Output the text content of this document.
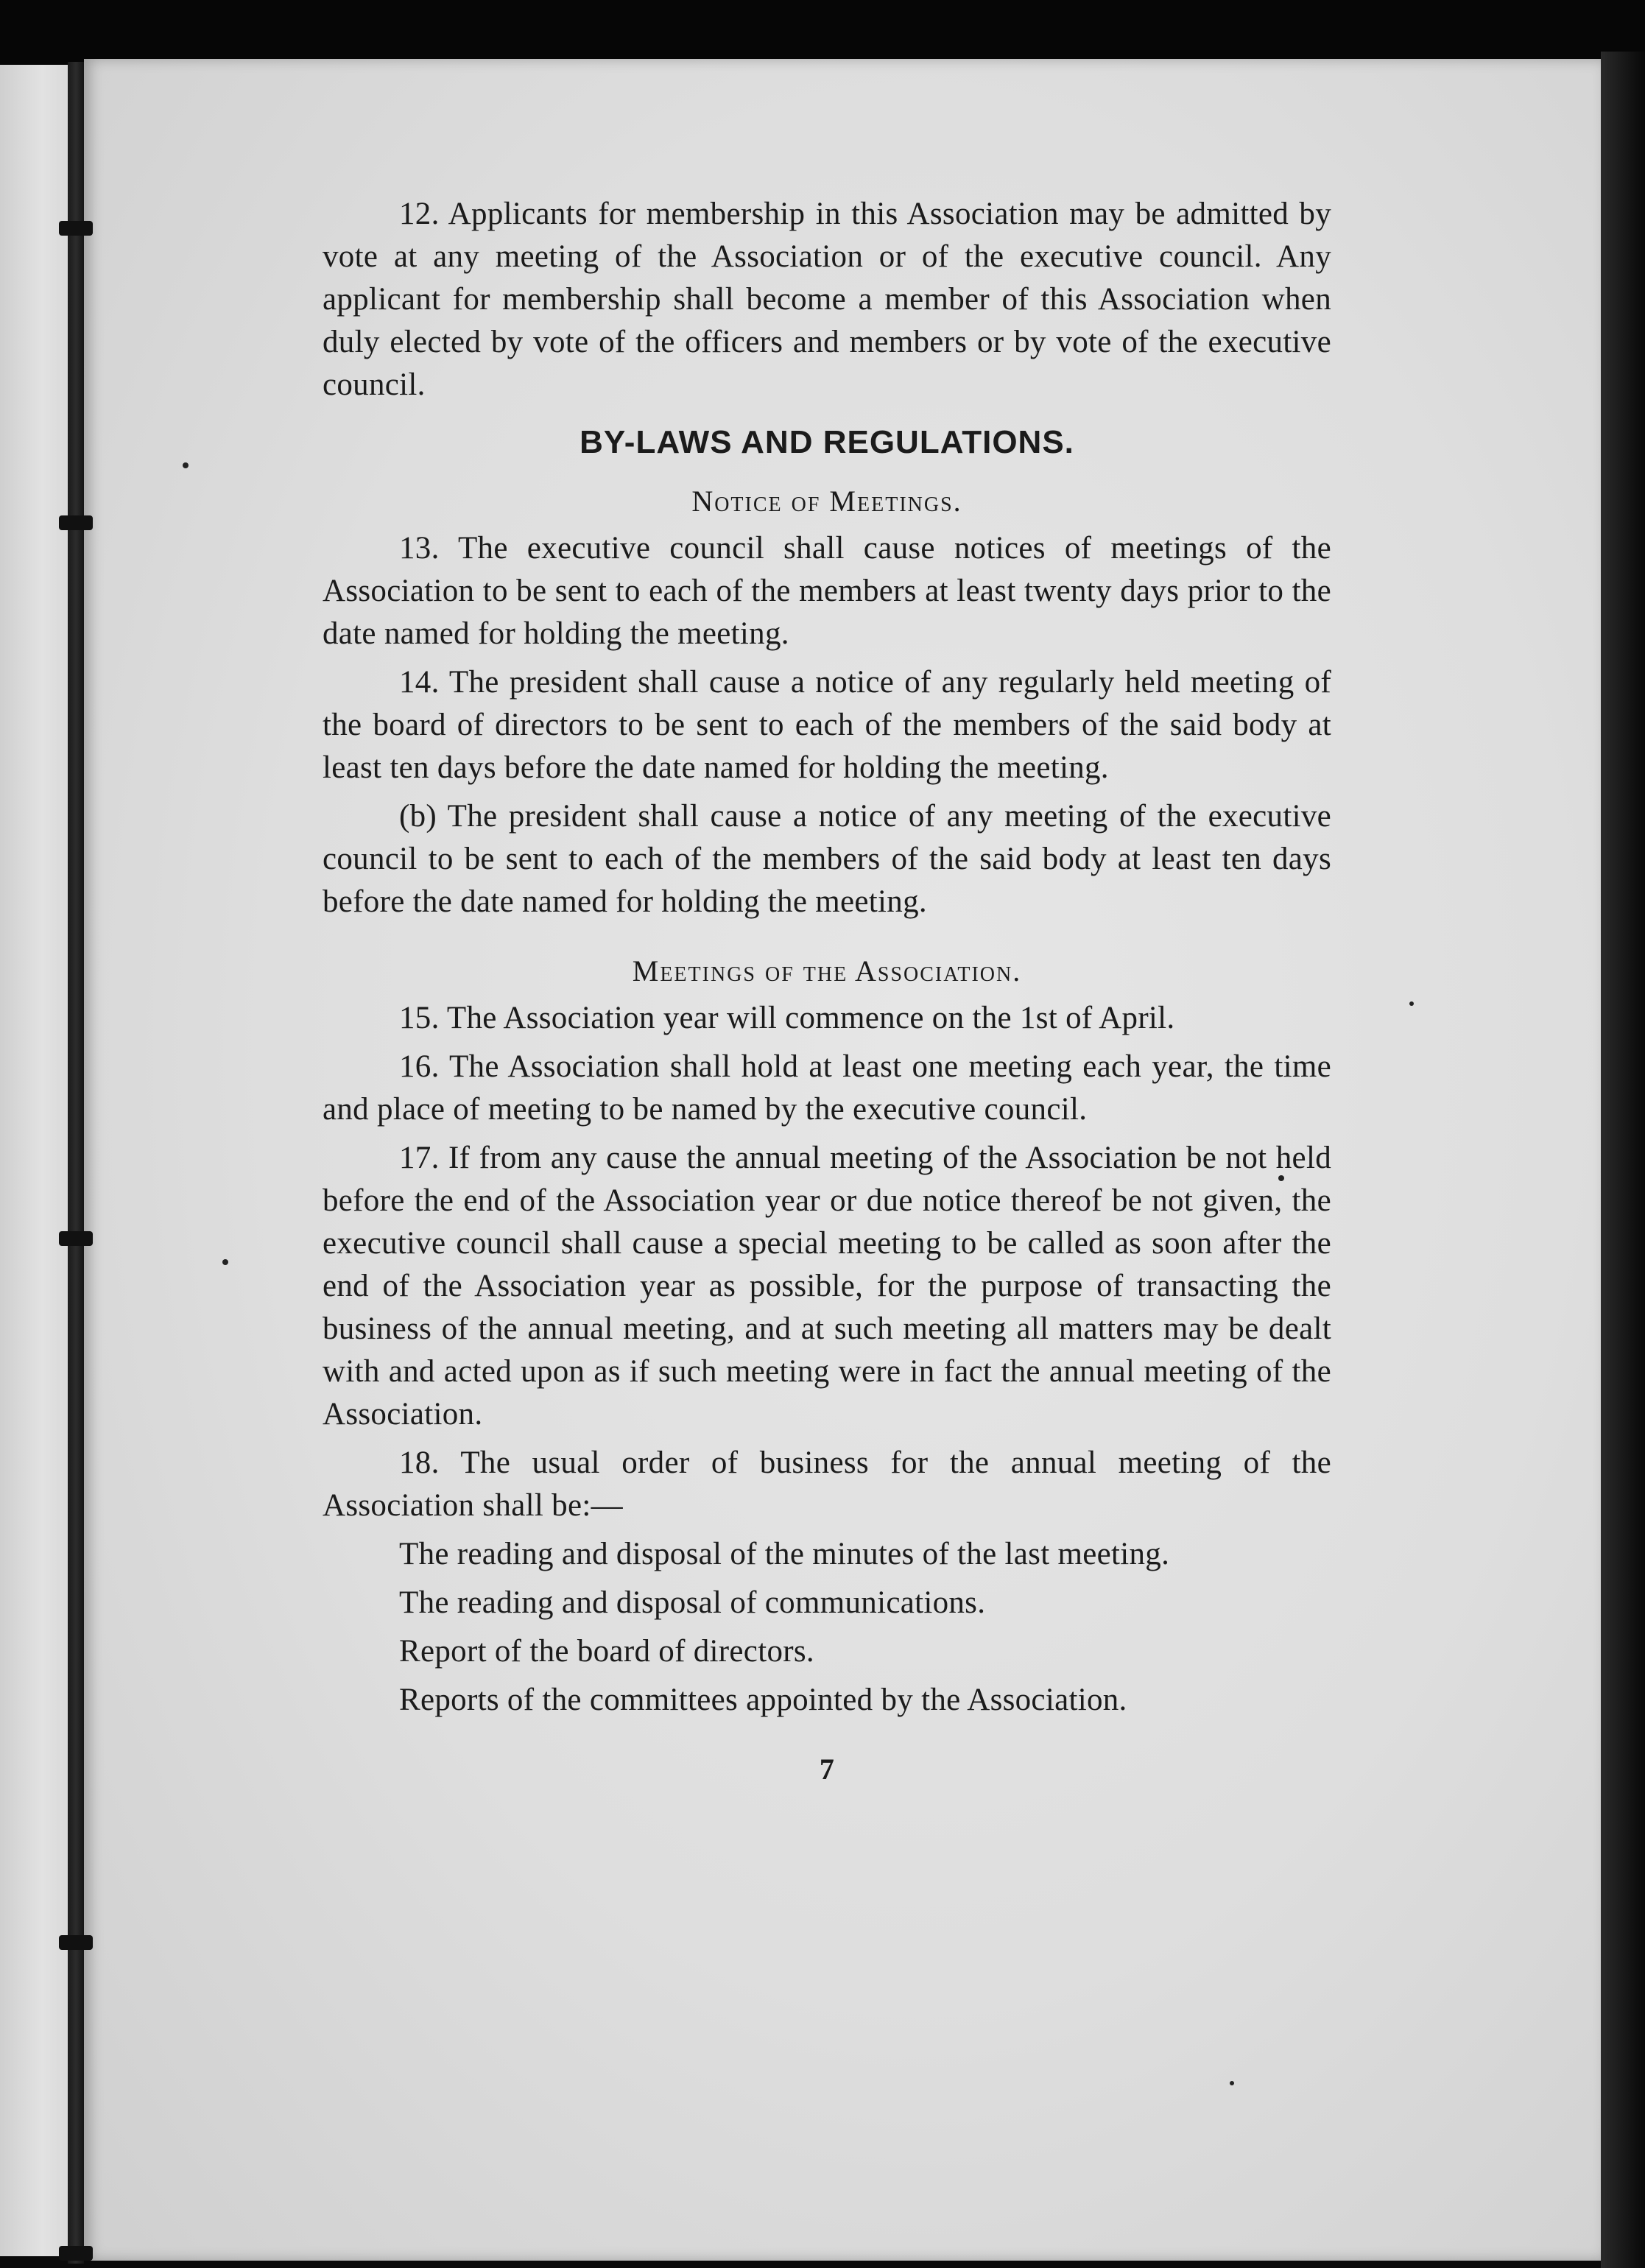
12. Applicants for membership in this Association may be admitted by vote at any meeting of the Association or of the executive council. Any applicant for membership shall become a member of this Association when duly elected by vote of the officers and members or by vote of the executive council.

BY-LAWS AND REGULATIONS.
Notice of Meetings.

13. The executive council shall cause notices of meetings of the Association to be sent to each of the members at least twenty days prior to the date named for holding the meeting.

14. The president shall cause a notice of any regularly held meeting of the board of directors to be sent to each of the members of the said body at least ten days before the date named for holding the meeting.

(b) The president shall cause a notice of any meeting of the executive council to be sent to each of the members of the said body at least ten days before the date named for holding the meeting.

Meetings of the Association.

15. The Association year will commence on the 1st of April.

16. The Association shall hold at least one meeting each year, the time and place of meeting to be named by the executive council.

17. If from any cause the annual meeting of the Association be not held before the end of the Association year or due notice thereof be not given, the executive council shall cause a special meeting to be called as soon after the end of the Association year as possible, for the purpose of transacting the business of the annual meeting, and at such meeting all matters may be dealt with and acted upon as if such meeting were in fact the annual meeting of the Association.

18. The usual order of business for the annual meeting of the Association shall be:—

The reading and disposal of the minutes of the last meeting.
The reading and disposal of communications.
Report of the board of directors.
Reports of the committees appointed by the Association.
7
